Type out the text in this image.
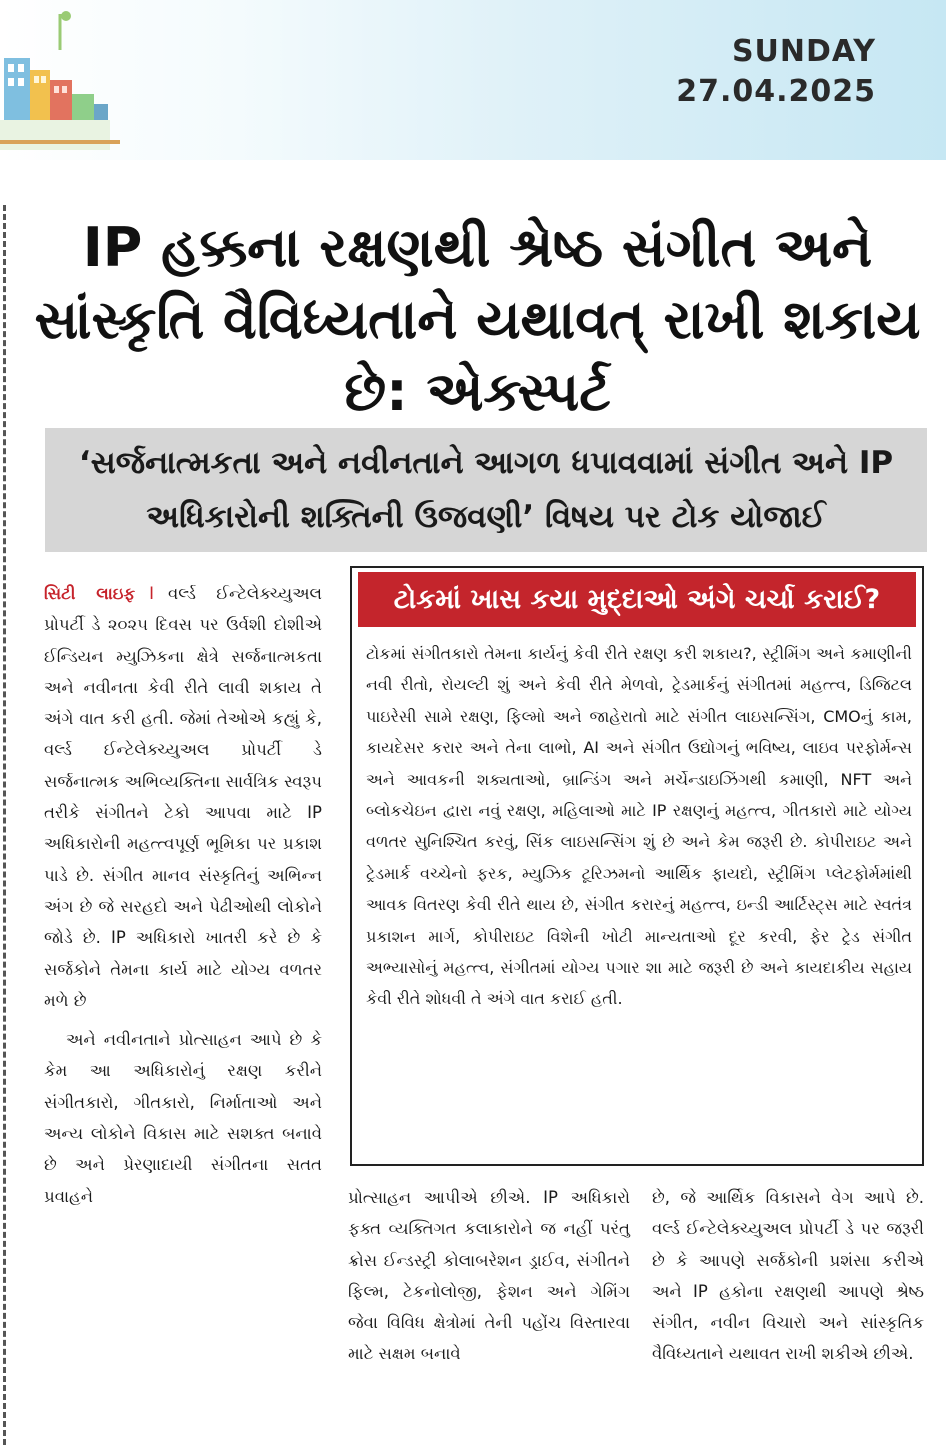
SUNDAY
27.04.2025
IP હક્કના રક્ષણથી શ્રેષ્ઠ સંગીત અને સાંસ્કૃતિ વૈવિધ્યતાને યથાવત્ રાખી શકાય છે: એક્સ્પર્ટ
‘સર્જનાત્મકતા અને નવીનતાને આગળ ધપાવવામાં સંગીત અને IP અધિકારોની શક્તિની ઉજવણી’ વિષય પર ટોક યોજાઈ

સિટી લાઇફ I વર્લ્ડ ઈન્ટેલેક્ચ્યુઅલ પ્રોપર્ટી ડે ૨૦૨૫ દિવસ પર ઉર્વશી દોશીએ ઈન્ડિયન મ્યુઝિકના ક્ષેત્રે સર્જનાત્મકતા અને નવીનતા કેવી રીતે લાવી શકાય તે અંગે વાત કરી હતી. જેમાં તેઓએ કહ્યું કે, વર્લ્ડ ઈન્ટેલેક્ચ્યુઅલ પ્રોપર્ટી ડે સર્જનાત્મક અભિવ્યક્તિના સાર્વત્રિક સ્વરૂપ તરીકે સંગીતને ટેકો આપવા માટે IP અધિકારોની મહત્ત્વપૂર્ણ ભૂમિકા પર પ્રકાશ પાડે છે. સંગીત માનવ સંસ્કૃતિનું અભિન્ન અંગ છે જે સરહદો અને પેઢીઓથી લોકોને જોડે છે. IP અધિકારો ખાતરી કરે છે કે સર્જકોને તેમના કાર્ય માટે યોગ્ય વળતર મળે છે

અને નવીનતાને પ્રોત્સાહન આપે છે કે કેમ આ અધિકારોનું રક્ષણ કરીને સંગીતકારો, ગીતકારો, નિર્માતાઓ અને અન્ય લોકોને વિકાસ માટે સશક્ત બનાવે છે અને પ્રેરણાદાયી સંગીતના સતત પ્રવાહને

ટોકમાં ખાસ કયા મુદ્દાઓ અંગે ચર્ચા કરાઈ?
ટોકમાં સંગીતકારો તેમના કાર્યનું કેવી રીતે રક્ષણ કરી શકાય?, સ્ટ્રીમિંગ અને કમાણીની નવી રીતો, રોયલ્ટી શું અને કેવી રીતે મેળવો, ટ્રેડમાર્કનું સંગીતમાં મહત્ત્વ, ડિજિટલ પાઇરેસી સામે રક્ષણ, ફિલ્મો અને જાહેરાતો માટે સંગીત લાઇસન્સિંગ, CMOનું કામ, કાયદેસર કરાર અને તેના લાભો, AI અને સંગીત ઉદ્યોગનું ભવિષ્ય, લાઇવ પરફોર્મન્સ અને આવકની શક્યતાઓ, બ્રાન્ડિંગ અને મર્ચેન્ડાઇઝિંગથી કમાણી, NFT અને બ્લોકચેઇન દ્વારા નવું રક્ષણ, મહિલાઓ માટે IP રક્ષણનું મહત્ત્વ, ગીતકારો માટે યોગ્ય વળતર સુનિશ્ચિત કરવું, સિંક લાઇસન્સિંગ શું છે અને કેમ જરૂરી છે. કોપીરાઇટ અને ટ્રેડમાર્ક વચ્ચેનો ફરક, મ્યુઝિક ટૂરિઝમનો આર્થિક ફાયદો, સ્ટ્રીમિંગ પ્લેટફોર્મમાંથી આવક વિતરણ કેવી રીતે થાય છે, સંગીત કરારનું મહત્ત્વ, ઇન્ડી આર્ટિસ્ટ્સ માટે સ્વતંત્ર પ્રકાશન માર્ગ, કોપીરાઇટ વિશેની ખોટી માન્યતાઓ દૂર કરવી, ફેર ટ્રેડ સંગીત અભ્યાસોનું મહત્ત્વ, સંગીતમાં યોગ્ય પગાર શા માટે જરૂરી છે અને કાયદાકીય સહાય કેવી રીતે શોધવી તે અંગે વાત કરાઈ હતી.
પ્રોત્સાહન આપીએ છીએ. IP અધિકારો ફક્ત વ્યક્તિગત કલાકારોને જ નહીં પરંતુ ક્રોસ ઈન્ડસ્ટ્રી કોલાબરેશન ડ્રાઈવ, સંગીતને ફિલ્મ, ટેકનોલોજી, ફેશન અને ગેમિંગ જેવા વિવિધ ક્ષેત્રોમાં તેની પહોંચ વિસ્તારવા માટે સક્ષમ બનાવે
છે, જે આર્થિક વિકાસને વેગ આપે છે. વર્લ્ડ ઈન્ટેલેક્ચ્યુઅલ પ્રોપર્ટી ડે પર જરૂરી છે કે આપણે સર્જકોની પ્રશંસા કરીએ અને IP હકોના રક્ષણથી આપણે શ્રેષ્ઠ સંગીત, નવીન વિચારો અને સાંસ્કૃતિક વૈવિધ્યતાને યથાવત રાખી શકીએ છીએ.
